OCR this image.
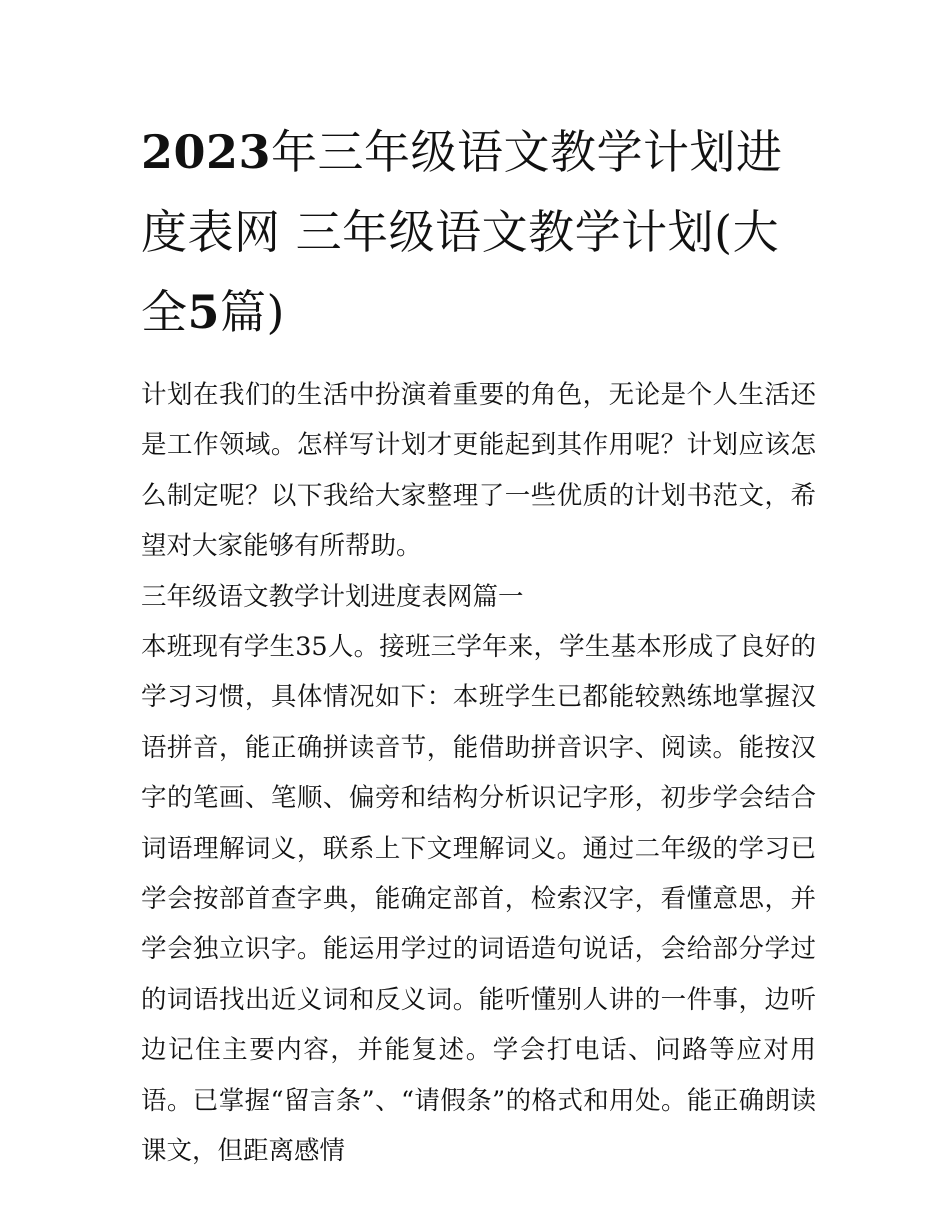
2023年三年级语文教学计划进度表网 三年级语文教学计划(大全5篇)

计划在我们的生活中扮演着重要的角色，无论是个人生活还是工作领域。怎样写计划才更能起到其作用呢？计划应该怎么制定呢？以下我给大家整理了一些优质的计划书范文，希望对大家能够有所帮助。

三年级语文教学计划进度表网篇一

本班现有学生35人。接班三学年来，学生基本形成了良好的学习习惯，具体情况如下：本班学生已都能较熟练地掌握汉语拼音，能正确拼读音节，能借助拼音识字、阅读。能按汉字的笔画、笔顺、偏旁和结构分析识记字形，初步学会结合词语理解词义，联系上下文理解词义。通过二年级的学习已学会按部首查字典，能确定部首，检索汉字，看懂意思，并学会独立识字。能运用学过的词语造句说话，会给部分学过的词语找出近义词和反义词。能听懂别人讲的一件事，边听边记住主要内容，并能复述。学会打电话、问路等应对用语。已掌握“留言条”、“请假条”的格式和用处。能正确朗读课文，但距离感情
